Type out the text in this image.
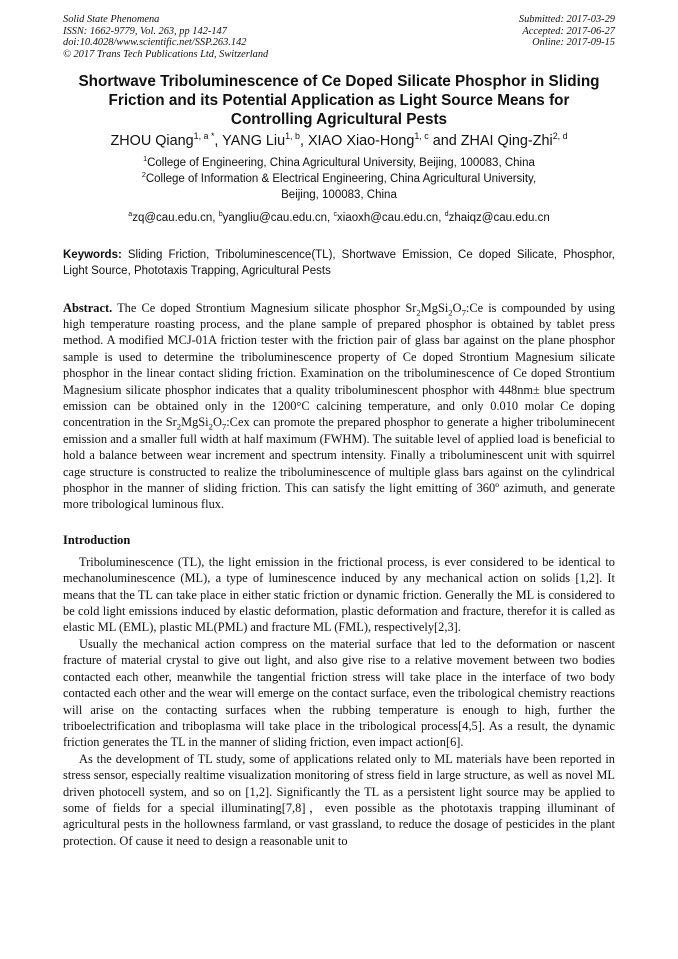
Solid State Phenomena
ISSN: 1662-9779, Vol. 263, pp 142-147
doi:10.4028/www.scientific.net/SSP.263.142
© 2017 Trans Tech Publications Ltd, Switzerland
Submitted: 2017-03-29
Accepted: 2017-06-27
Online: 2017-09-15
Shortwave Triboluminescence of Ce Doped Silicate Phosphor in Sliding
Friction and its Potential Application as Light Source Means for
Controlling Agricultural Pests
ZHOU Qiang$^{1, a *}$, YANG Liu$^{1, b}$, XIAO Xiao-Hong$^{1, c}$ and ZHAI Qing-Zhi$^{2, d}$
$^1$College of Engineering, China Agricultural University, Beijing, 100083, China
$^2$College of Information & Electrical Engineering, China Agricultural University,
Beijing, 100083, China
$^a$zq@cau.edu.cn, $^b$yangliu@cau.edu.cn, $^c$xiaoxh@cau.edu.cn, $^d$zhaiqz@cau.edu.cn
Keywords: Sliding Friction, Triboluminescence(TL), Shortwave Emission, Ce doped Silicate, Phosphor, Light Source, Phototaxis Trapping, Agricultural Pests
Abstract. The Ce doped Strontium Magnesium silicate phosphor $Sr_2MgSi_2O_7:Ce$ is compounded by using high temperature roasting process, and the plane sample of prepared phosphor is obtained by tablet press method. A modified MCJ-01A friction tester with the friction pair of glass bar against on the plane phosphor sample is used to determine the triboluminescence property of Ce doped Strontium Magnesium silicate phosphor in the linear contact sliding friction. Examination on the triboluminescence of Ce doped Strontium Magnesium silicate phosphor indicates that a quality triboluminescent phosphor with 448nm± blue spectrum emission can be obtained only in the 1200°C calcining temperature, and only 0.010 molar Ce doping concentration in the $Sr_2MgSi_2O_7:Cex$ can promote the prepared phosphor to generate a higher triboluminecent emission and a smaller full width at half maximum (FWHM). The suitable level of applied load is beneficial to hold a balance between wear increment and spectrum intensity. Finally a triboluminescent unit with squirrel cage structure is constructed to realize the triboluminescence of multiple glass bars against on the cylindrical phosphor in the manner of sliding friction. This can satisfy the light emitting of 360º azimuth, and generate more tribological luminous flux.
Introduction

Triboluminescence (TL), the light emission in the frictional process, is ever considered to be identical to mechanoluminescence (ML), a type of luminescence induced by any mechanical action on solids [1,2]. It means that the TL can take place in either static friction or dynamic friction. Generally the ML is considered to be cold light emissions induced by elastic deformation, plastic deformation and fracture, therefor it is called as elastic ML (EML), plastic ML(PML) and fracture ML (FML), respectively[2,3].

Usually the mechanical action compress on the material surface that led to the deformation or nascent fracture of material crystal to give out light, and also give rise to a relative movement between two bodies contacted each other, meanwhile the tangential friction stress will take place in the interface of two body contacted each other and the wear will emerge on the contact surface, even the tribological chemistry reactions will arise on the contacting surfaces when the rubbing temperature is enough to high, further the triboelectrification and triboplasma will take place in the tribological process[4,5]. As a result, the dynamic friction generates the TL in the manner of sliding friction, even impact action[6].

As the development of TL study, some of applications related only to ML materials have been reported in stress sensor, especially realtime visualization monitoring of stress field in large structure, as well as novel ML driven photocell system, and so on [1,2]. Significantly the TL as a persistent light source may be applied to some of fields for a special illuminating[7,8]，even possible as the phototaxis trapping illuminant of agricultural pests in the hollowness farmland, or vast grassland, to reduce the dosage of pesticides in the plant protection. Of cause it need to design a reasonable unit to
